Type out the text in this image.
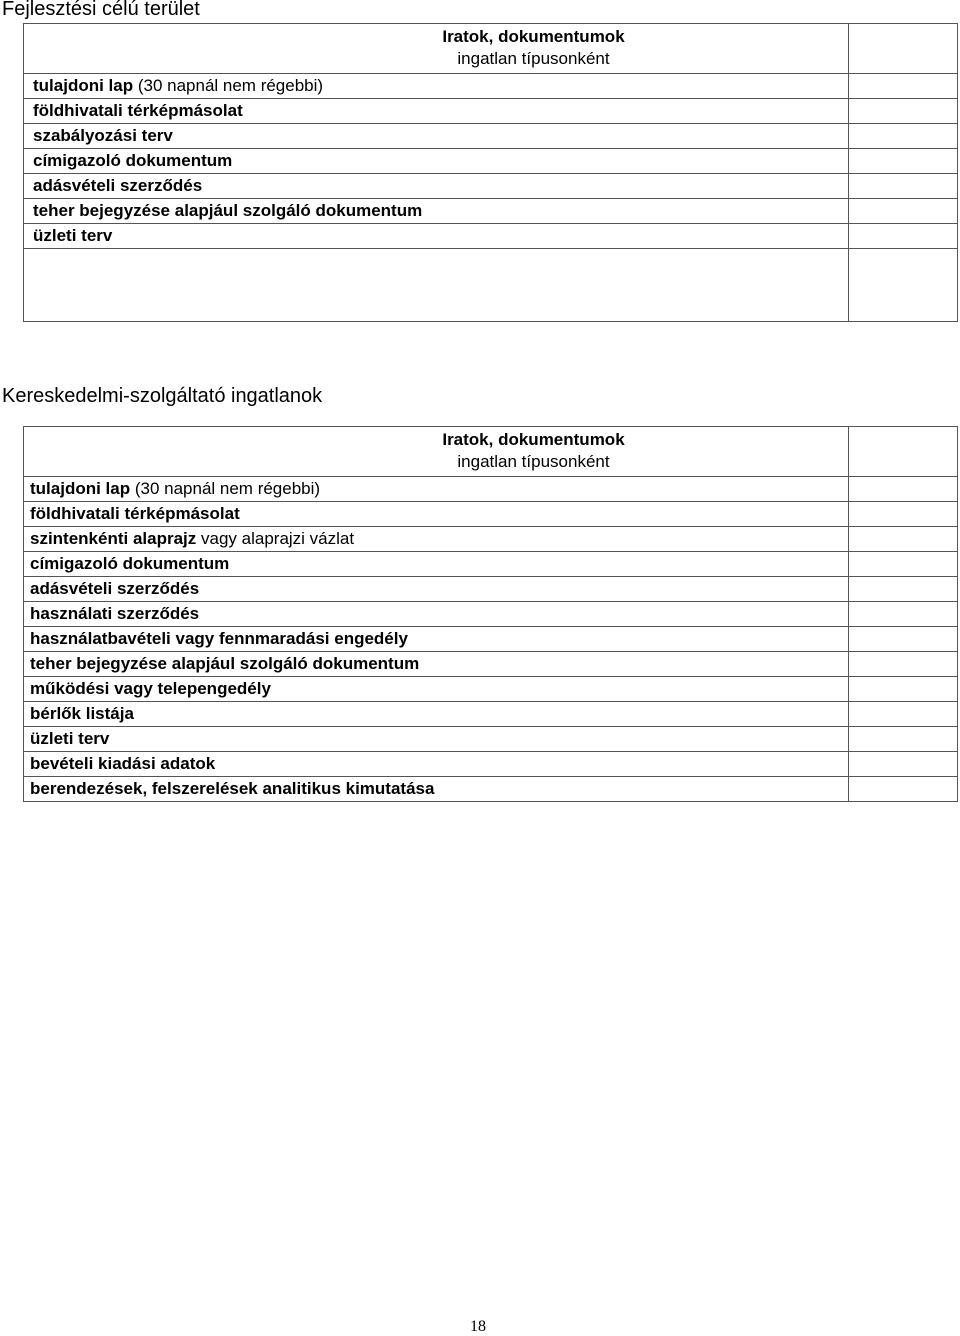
Fejlesztési célú terület
Iratok, dokumentumok
ingatlan típusonként	

tulajdoni lap (30 napnál nem régebbi)	
földhivatali térképmásolat	
szabályozási terv	
címigazoló dokumentum	
adásvételi szerződés	
teher bejegyzése alapjául szolgáló dokumentum	
üzleti terv	

Kereskedelmi-szolgáltató ingatlanok
Iratok, dokumentumok
ingatlan típusonként	

tulajdoni lap (30 napnál nem régebbi)	
földhivatali térképmásolat	
szintenkénti alaprajz vagy alaprajzi vázlat	
címigazoló dokumentum	
adásvételi szerződés	
használati szerződés	
használatbavételi vagy fennmaradási engedély	
teher bejegyzése alapjául szolgáló dokumentum	
működési vagy telepengedély	
bérlők listája	
üzleti terv	
bevételi kiadási adatok	
berendezések, felszerelések analitikus kimutatása	
18
